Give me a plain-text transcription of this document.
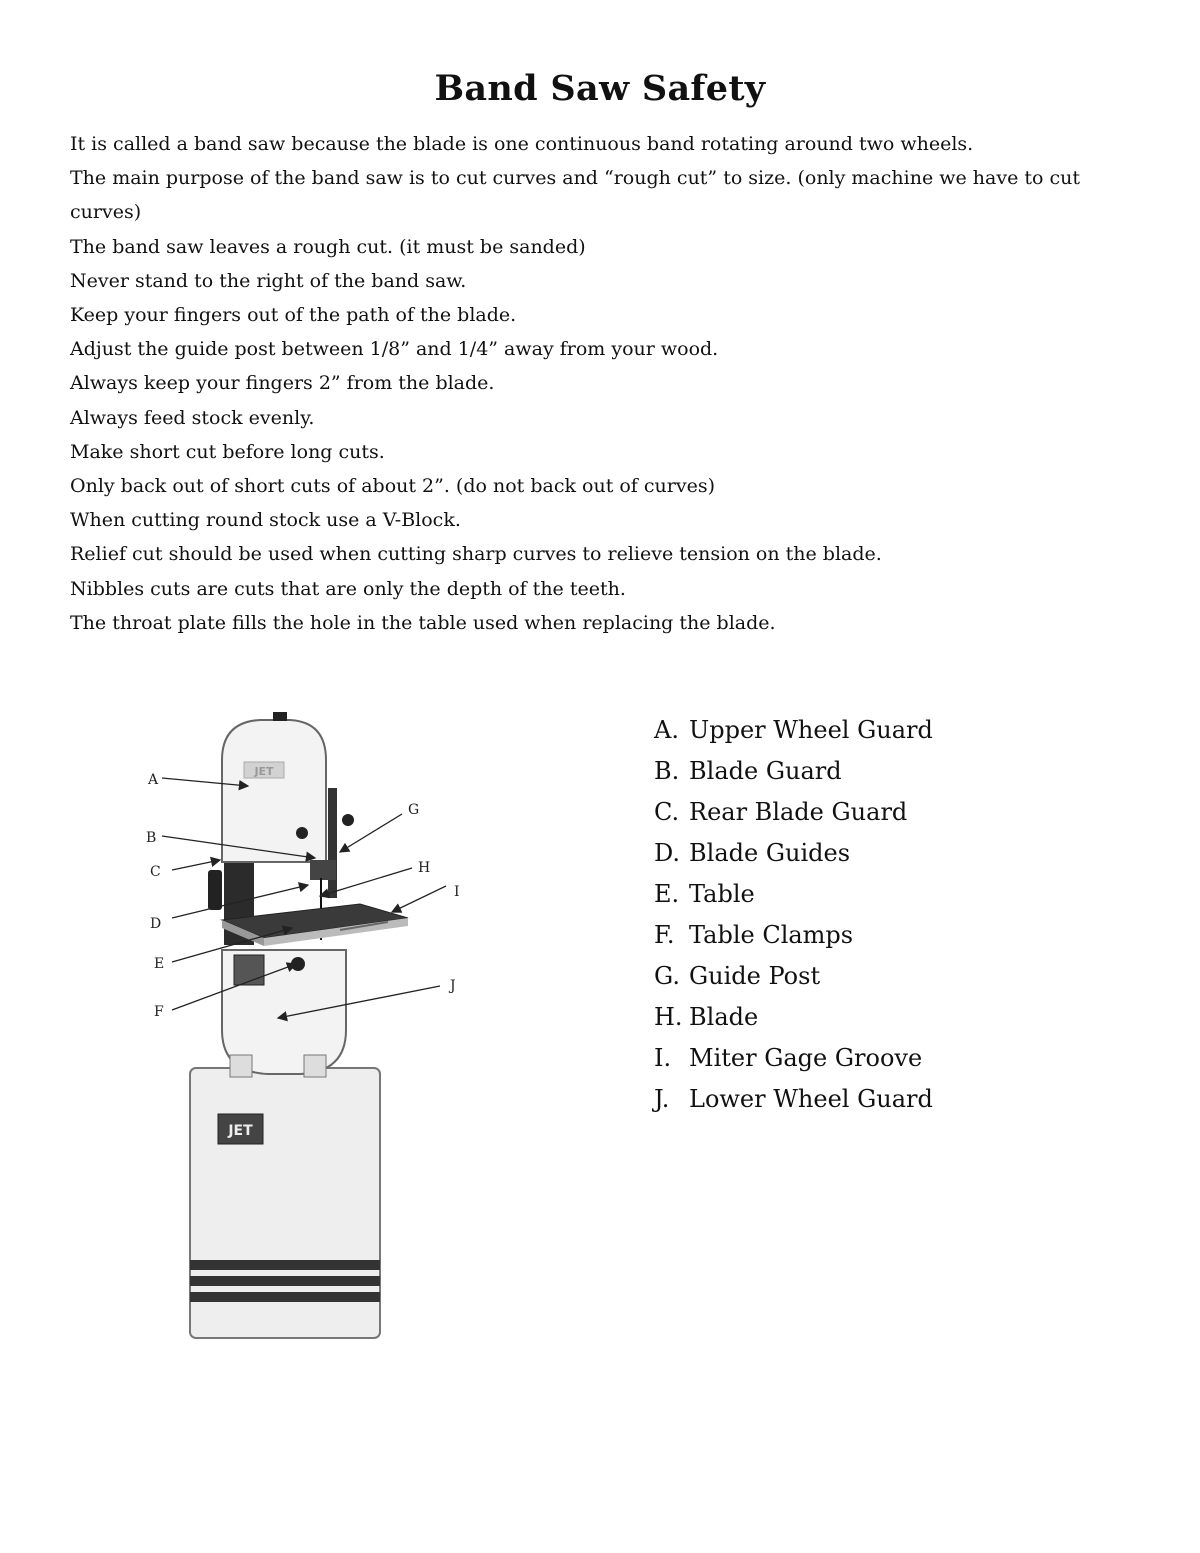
Band Saw Safety
It is called a band saw because the blade is one continuous band rotating around two wheels.
The main purpose of the band saw is to cut curves and “rough cut” to size. (only machine we have to cut curves)
The band saw leaves a rough cut. (it must be sanded)
Never stand to the right of the band saw.
Keep your fingers out of the path of the blade.
Adjust the guide post between 1/8” and 1/4” away from your wood.
Always keep your fingers 2” from the blade.
Always feed stock evenly.
Make short cut before long cuts.
Only back out of short cuts of about 2”. (do not back out of curves)
When cutting round stock use a V-Block.
Relief cut should be used when cutting sharp curves to relieve tension on the blade.
Nibbles cuts are cuts that are only the depth of the teeth.
The throat plate fills the hole in the table used when replacing the blade.
JET
JET
A
B
C
D
E
F
G
H
I
J
A. Upper Wheel Guard
B. Blade Guard
C. Rear Blade Guard
D. Blade Guides
E. Table
F. Table Clamps
G. Guide Post
H. Blade
I. Miter Gage Groove
J. Lower Wheel Guard
